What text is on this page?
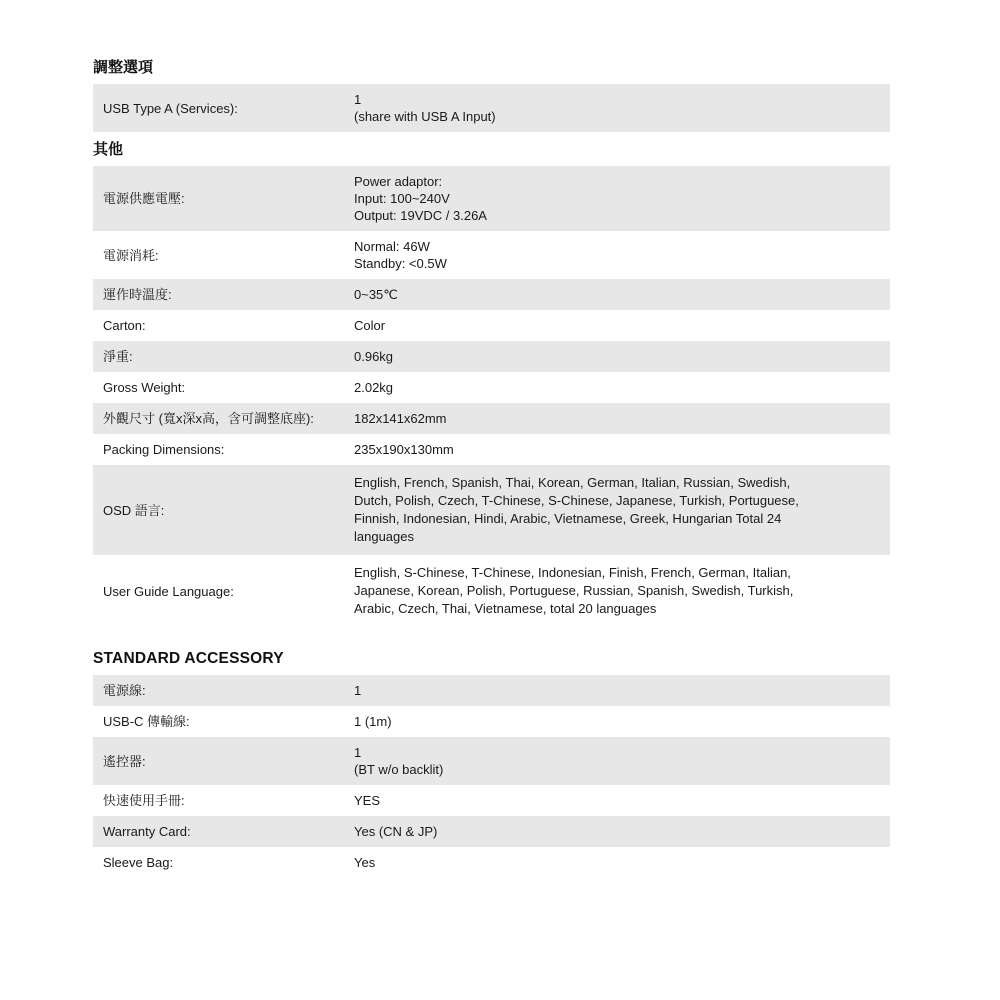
調整選項
USB Type A (Services):	
1
(share with USB A Input)
其他
電源供應電壓:	Power adaptor:
Input: 100~240V
Output: 19VDC / 3.26A

電源消耗:	Normal: 46W
Standby: <0.5W

運作時溫度:	0~35℃

Carton:	Color

淨重:	0.96kg

Gross Weight:	2.02kg

外觀尺寸 (寬x深x高，含可調整底座):	182x141x62mm

Packing Dimensions:	235x190x130mm

OSD 語言:	English, French, Spanish, Thai, Korean, German, Italian, Russian, Swedish,
Dutch, Polish, Czech, T-Chinese, S-Chinese, Japanese, Turkish, Portuguese,
Finnish, Indonesian, Hindi, Arabic, Vietnamese, Greek, Hungarian Total 24
languages

User Guide Language:	English, S-Chinese, T-Chinese, Indonesian, Finish, French, German, Italian,
Japanese, Korean, Polish, Portuguese, Russian, Spanish, Swedish, Turkish,
Arabic, Czech, Thai, Vietnamese, total 20 languages
STANDARD ACCESSORY
電源線:	1

USB-C 傳輸線:	1 (1m)

遙控器:	1
(BT w/o backlit)

快速使用手冊:	YES

Warranty Card:	Yes (CN & JP)

Sleeve Bag:	Yes
